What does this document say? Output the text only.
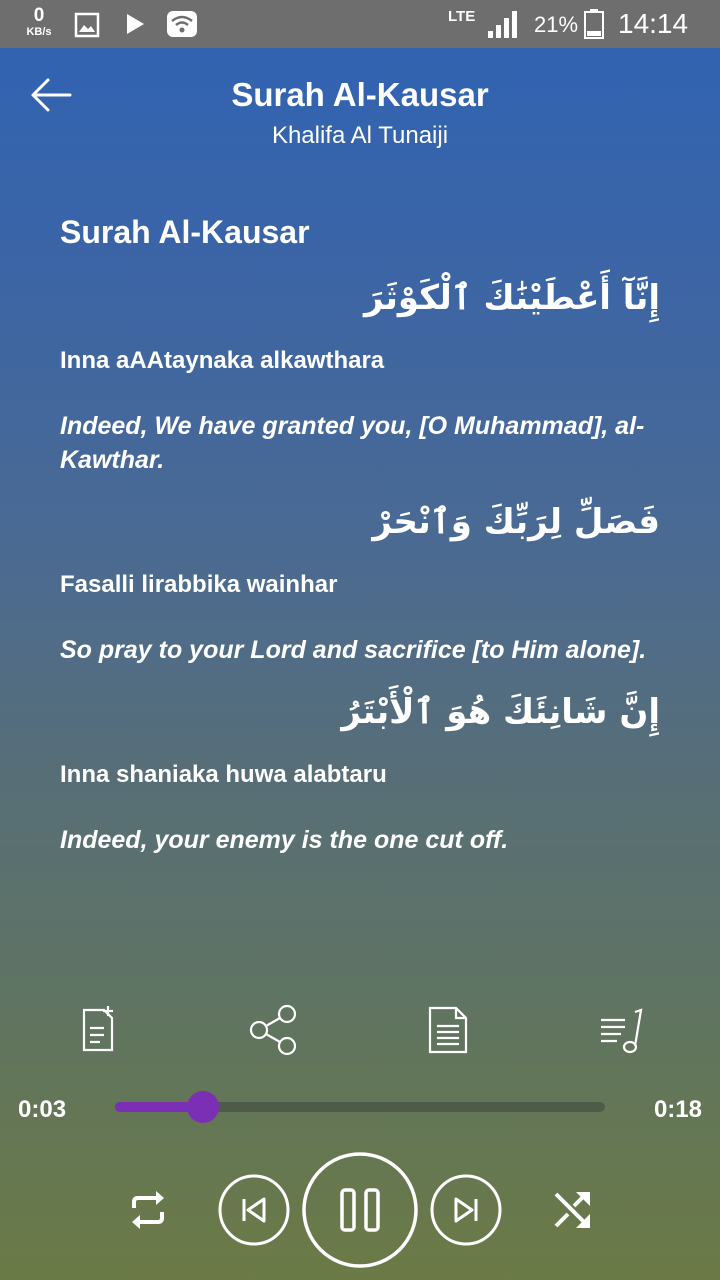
0
KB/s
LTE	21% 14:14
Surah Al-Kausar
Khalifa Al Tunaiji
Surah Al-Kausar

إِنَّآ أَعْطَيْنَٰكَ ٱلْكَوْثَرَ

Inna aAAtaynaka alkawthara

Indeed, We have granted you, [O Muhammad], al-Kawthar.

فَصَلِّ لِرَبِّكَ وَٱنْحَرْ

Fasalli lirabbika wainhar

So pray to your Lord and sacrifice [to Him alone].

إِنَّ شَانِئَكَ هُوَ ٱلْأَبْتَرُ

Inna shaniaka huwa alabtaru

Indeed, your enemy is the one cut off.

0:03	0:18
